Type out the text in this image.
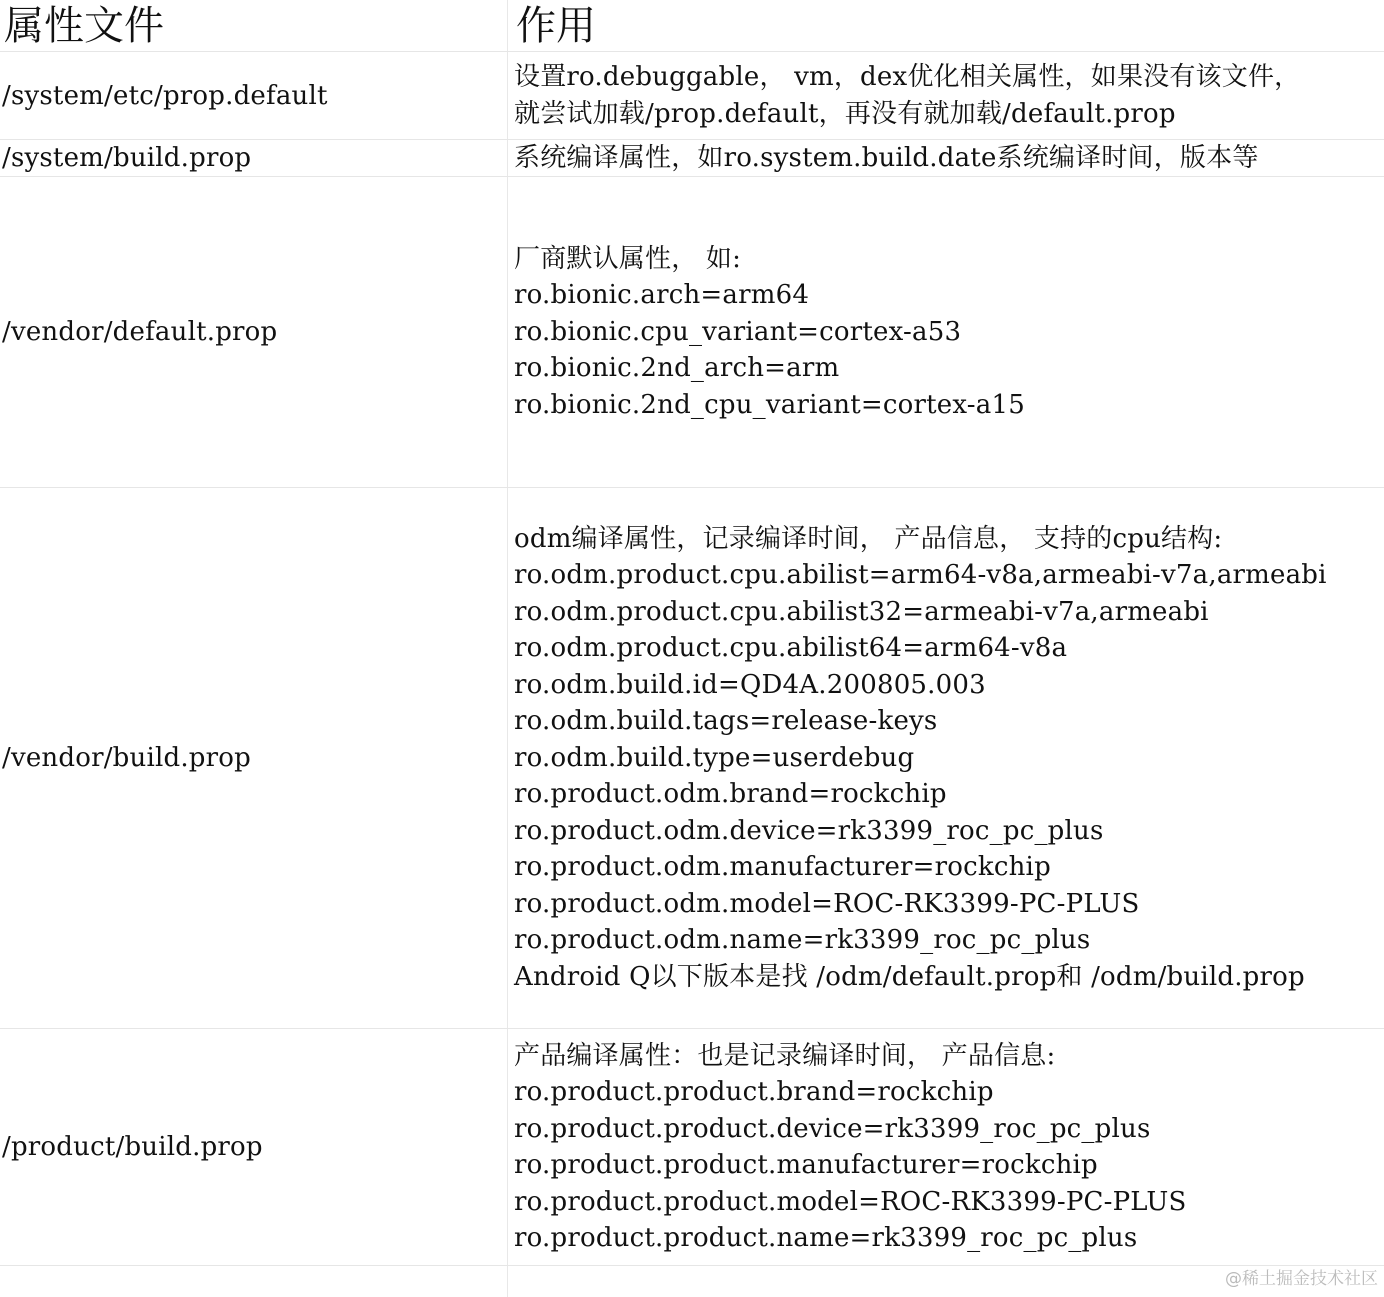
属性文件	作用
/system/etc/prop.default
设置ro.debuggable， vm，dex优化相关属性，如果没有该文件，
就尝试加载/prop.default，再没有就加载/default.prop
/system/build.prop	系统编译属性，如ro.system.build.date系统编译时间，版本等
/vendor/default.prop
厂商默认属性， 如:
ro.bionic.arch=arm64
ro.bionic.cpu_variant=cortex-a53
ro.bionic.2nd_arch=arm
ro.bionic.2nd_cpu_variant=cortex-a15
/vendor/build.prop
odm编译属性，记录编译时间， 产品信息， 支持的cpu结构:
ro.odm.product.cpu.abilist=arm64-v8a,armeabi-v7a,armeabi
ro.odm.product.cpu.abilist32=armeabi-v7a,armeabi
ro.odm.product.cpu.abilist64=arm64-v8a
ro.odm.build.id=QD4A.200805.003
ro.odm.build.tags=release-keys
ro.odm.build.type=userdebug
ro.product.odm.brand=rockchip
ro.product.odm.device=rk3399_roc_pc_plus
ro.product.odm.manufacturer=rockchip
ro.product.odm.model=ROC-RK3399-PC-PLUS
ro.product.odm.name=rk3399_roc_pc_plus
Android Q以下版本是找 /odm/default.prop和 /odm/build.prop
/product/build.prop
产品编译属性：也是记录编译时间， 产品信息:
ro.product.product.brand=rockchip
ro.product.product.device=rk3399_roc_pc_plus
ro.product.product.manufacturer=rockchip
ro.product.product.model=ROC-RK3399-PC-PLUS
ro.product.product.name=rk3399_roc_pc_plus
@稀土掘金技术社区
